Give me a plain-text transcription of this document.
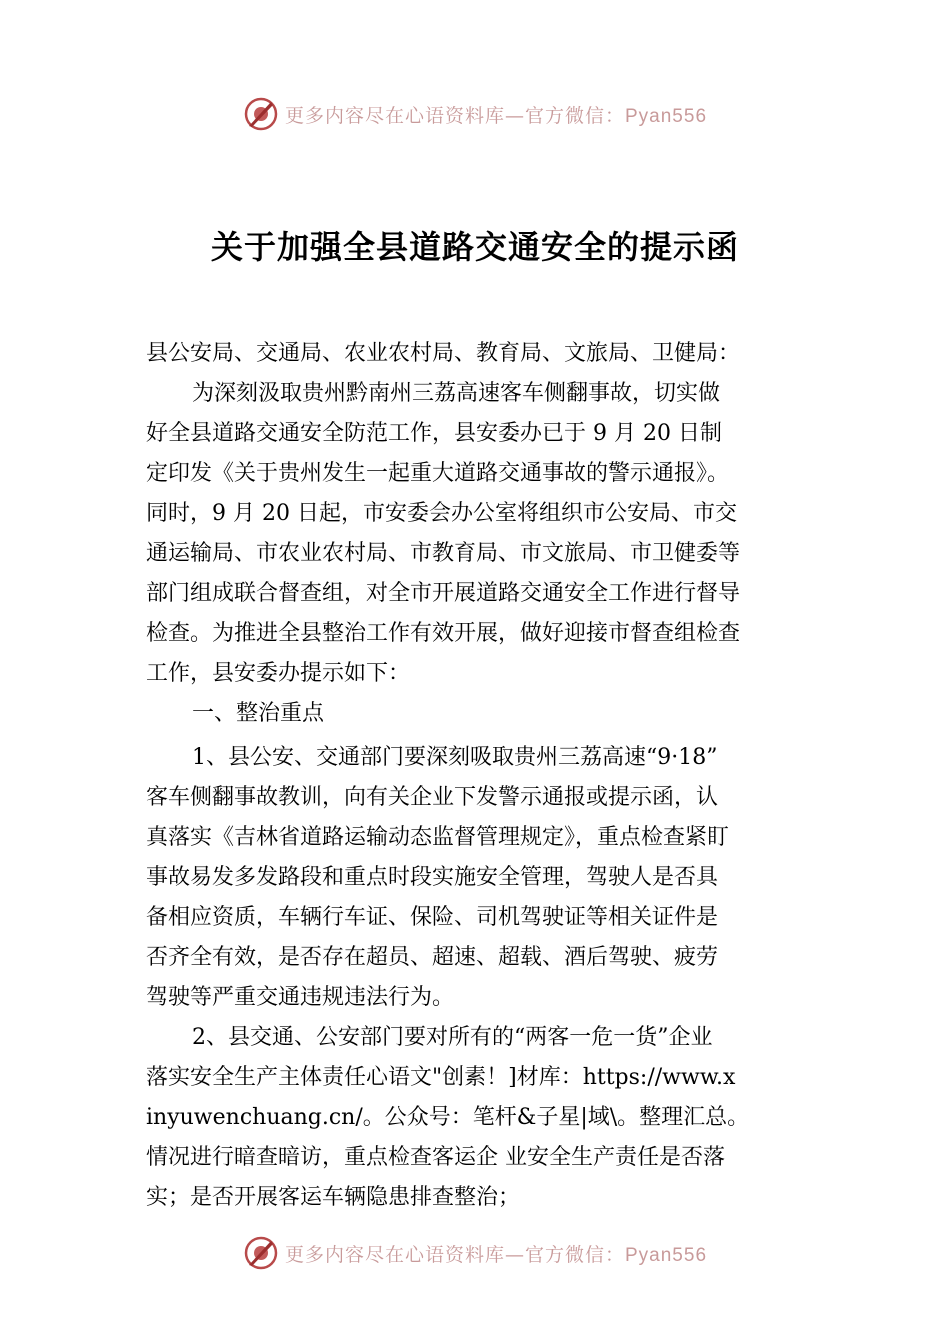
更多内容尽在心语资料库—官方微信：Pyan556
关于加强全县道路交通安全的提示函
县公安局、交通局、农业农村局、教育局、文旅局、卫健局：
为深刻汲取贵州黔南州三荔高速客车侧翻事故，切实做
好全县道路交通安全防范工作，县安委办已于 9 月 20 日制
定印发《关于贵州发生一起重大道路交通事故的警示通报》。
同时，9 月 20 日起，市安委会办公室将组织市公安局、市交
通运输局、市农业农村局、市教育局、市文旅局、市卫健委等
部门组成联合督查组，对全市开展道路交通安全工作进行督导
检查。为推进全县整治工作有效开展，做好迎接市督查组检查
工作，县安委办提示如下：
一、整治重点
1、县公安、交通部门要深刻吸取贵州三荔高速“9·18”
客车侧翻事故教训，向有关企业下发警示通报或提示函，认
真落实《吉林省道路运输动态监督管理规定》，重点检查紧盯
事故易发多发路段和重点时段实施安全管理，驾驶人是否具
备相应资质，车辆行车证、保险、司机驾驶证等相关证件是
否齐全有效，是否存在超员、超速、超载、酒后驾驶、疲劳
驾驶等严重交通违规违法行为。
2、县交通、公安部门要对所有的“两客一危一货”企业
落实安全生产主体责任心语文"创素！]材库：https://www.x
inyuwenchuang.cn/。公众号：笔杆&子星|域\。整理汇总。
情况进行暗查暗访，重点检查客运企 业安全生产责任是否落
实；是否开展客运车辆隐患排查整治；
更多内容尽在心语资料库—官方微信：Pyan556
